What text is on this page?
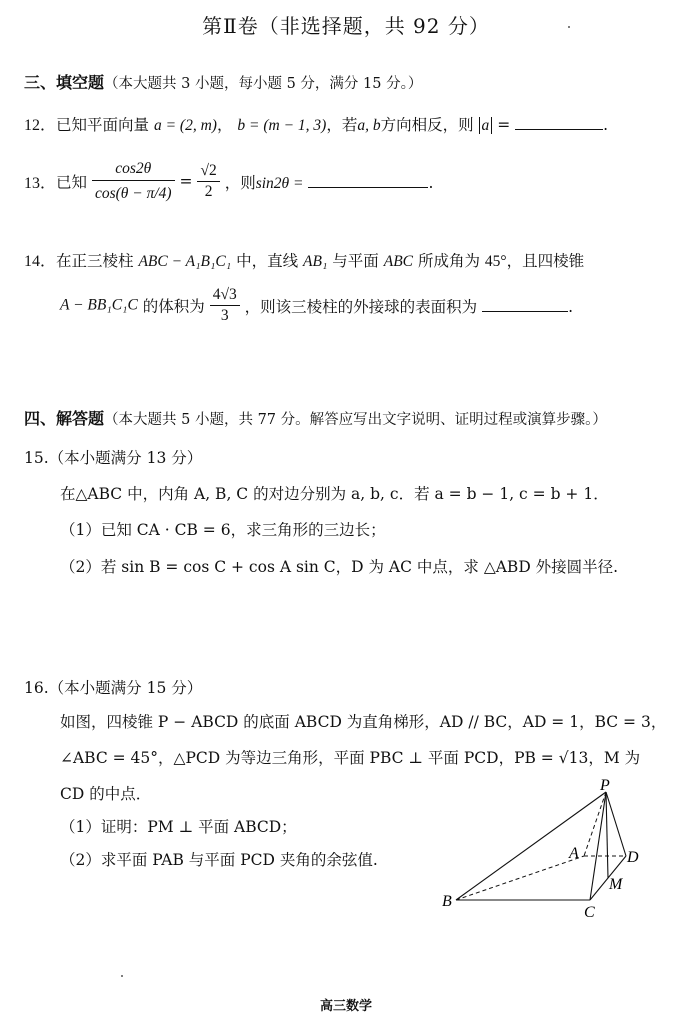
第Ⅱ卷（非选择题，共 92 分）
三、填空题（本大题共 3 小题，每小题 5 分，满分 15 分。）
12．已知平面向量 a = (2, m)， b = (m − 1, 3)，若a, b方向相反，则 a =	.
13．已知 $\frac{\cos 2\theta}{\cos(\theta - \pi/4)} = \frac{√2}{2}$ ，则sin2θ =	.
14．在正三棱柱 ABC − A₁B₁C₁ 中，直线 AB₁ 与平面 ABC 所成角为 45°，且四棱锥
A − BB₁C₁C 的体积为 $\frac{4√3}{3}$ ，则该三棱柱的外接球的表面积为	.
四、解答题（本大题共 5 小题，共 77 分。解答应写出文字说明、证明过程或演算步骤。）
15.（本小题满分 13 分）
在△ABC 中，内角 A, B, C 的对边分别为 a, b, c．若 a = b − 1, c = b + 1．
（1）已知 CA · CB = 6，求三角形的三边长；
（2）若 sin B = cos C + cos A sin C，D 为 AC 中点，求 △ABD 外接圆半径.
16.（本小题满分 15 分）
如图，四棱锥 P − ABCD 的底面 ABCD 为直角梯形，AD // BC，AD = 1，BC = 3，
∠ABC = 45°，△PCD 为等边三角形，平面 PBC ⊥ 平面 PCD，PB = √13，M 为
CD 的中点．
（1）证明：PM ⊥ 平面 ABCD；
（2）求平面 PAB 与平面 PCD 夹角的余弦值.
P
A
B
C
D
M
高三数学
